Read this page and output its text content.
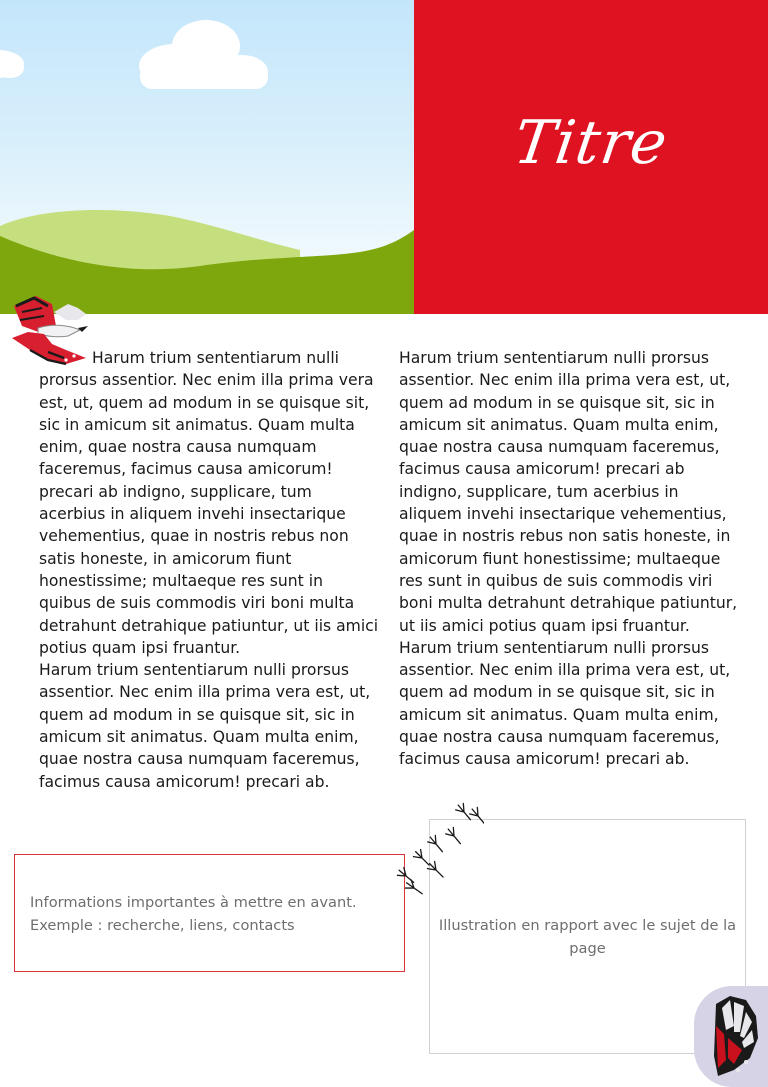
Titre

Harum trium sententiarum nulli prorsus assentior. Nec enim illa prima vera est, ut, quem ad modum in se quisque sit, sic in amicum sit animatus. Quam multa enim, quae nostra causa numquam faceremus, facimus causa amicorum! precari ab indigno, supplicare, tum acerbius in aliquem invehi insectarique vehementius, quae in nostris rebus non satis honeste, in amicorum fiunt honestissime; multaeque res sunt in quibus de suis commodis viri boni multa detrahunt detrahique patiuntur, ut iis amici potius quam ipsi fruantur.

Harum trium sententiarum nulli prorsus assentior. Nec enim illa prima vera est, ut, quem ad modum in se quisque sit, sic in amicum sit animatus. Quam multa enim, quae nostra causa numquam faceremus, facimus causa amicorum! precari ab.

Harum trium sententiarum nulli prorsus assentior. Nec enim illa prima vera est, ut, quem ad modum in se quisque sit, sic in amicum sit animatus. Quam multa enim, quae nostra causa numquam faceremus, facimus causa amicorum! precari ab indigno, supplicare, tum acerbius in aliquem invehi insectarique vehementius, quae in nostris rebus non satis honeste, in amicorum fiunt honestissime; multaeque res sunt in quibus de suis commodis viri boni multa detrahunt detrahique patiuntur, ut iis amici potius quam ipsi fruantur.

Harum trium sententiarum nulli prorsus assentior. Nec enim illa prima vera est, ut, quem ad modum in se quisque sit, sic in amicum sit animatus. Quam multa enim, quae nostra causa numquam faceremus, facimus causa amicorum! precari ab.

Informations importantes à mettre en avant.
Exemple : recherche, liens, contacts	Illustration en rapport avec le sujet de la page
